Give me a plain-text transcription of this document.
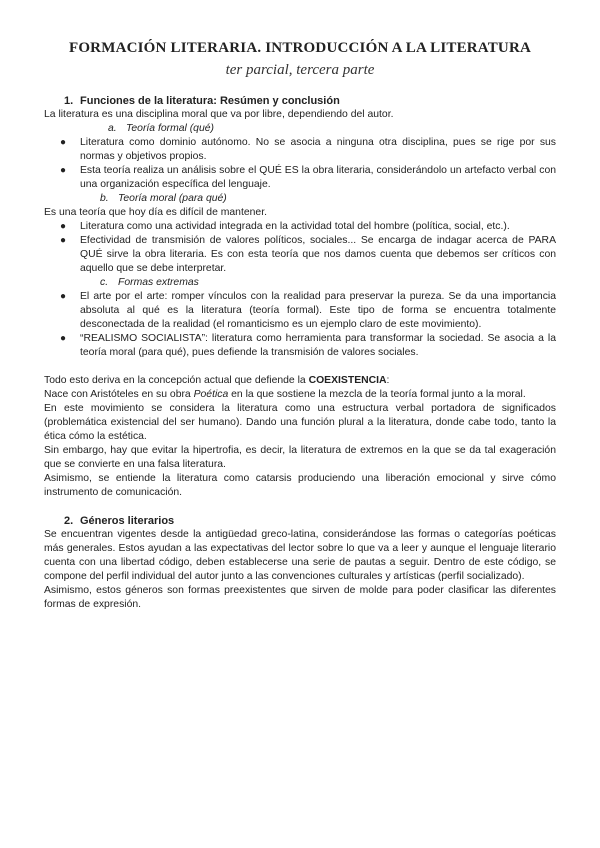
FORMACIÓN LITERARIA. INTRODUCCIÓN A LA LITERATURA
ter parcial, tercera parte
1. Funciones de la literatura: Resúmen y conclusión

La literatura es una disciplina moral que va por libre, dependiendo del autor.

a. Teoría formal (qué)
● Literatura como dominio autónomo. No se asocia a ninguna otra disciplina, pues se rige por sus normas y objetivos propios.
● Esta teoría realiza un análisis sobre el QUÉ ES la obra literaria, considerándolo un artefacto verbal con una organización específica del lenguaje.
b. Teoría moral (para qué)

Es una teoría que hoy día es difícil de mantener.

● Literatura como una actividad integrada en la actividad total del hombre (política, social, etc.).
● Efectividad de transmisión de valores políticos, sociales... Se encarga de indagar acerca de PARA QUÉ sirve la obra literaria. Es con esta teoría que nos damos cuenta que debemos ser críticos con aquello que se debe interpretar.
c. Formas extremas
● El arte por el arte: romper vínculos con la realidad para preservar la pureza. Se da una importancia absoluta al qué es la literatura (teoría formal). Este tipo de forma se encuentra totalmente desconectada de la realidad (el romanticismo es un ejemplo claro de este movimiento).
● “REALISMO SOCIALISTA”: literatura como herramienta para transformar la sociedad. Se asocia a la teoría moral (para qué), pues defiende la transmisión de valores sociales.

Todo esto deriva en la concepción actual que defiende la COEXISTENCIA:

Nace con Aristóteles en su obra Poética en la que sostiene la mezcla de la teoría formal junto a la moral.

En este movimiento se considera la literatura como una estructura verbal portadora de significados (problemática existencial del ser humano). Dando una función plural a la literatura, donde cabe todo, tanto la ética cómo la estética.

Sin embargo, hay que evitar la hipertrofia, es decir, la literatura de extremos en la que se da tal exageración que se convierte en una falsa literatura.

Asimismo, se entiende la literatura como catarsis produciendo una liberación emocional y sirve cómo instrumento de comunicación.

2. Géneros literarios

Se encuentran vigentes desde la antigüedad greco-latina, considerándose las formas o categorías poéticas más generales. Estos ayudan a las expectativas del lector sobre lo que va a leer y aunque el lenguaje literario cuenta con una libertad código, deben establecerse una serie de pautas a seguir. Dentro de este código, se compone del perfil individual del autor junto a las convenciones culturales y artísticas (perfil socializado).

Asimismo, estos géneros son formas preexistentes que sirven de molde para poder clasificar las diferentes formas de expresión.
